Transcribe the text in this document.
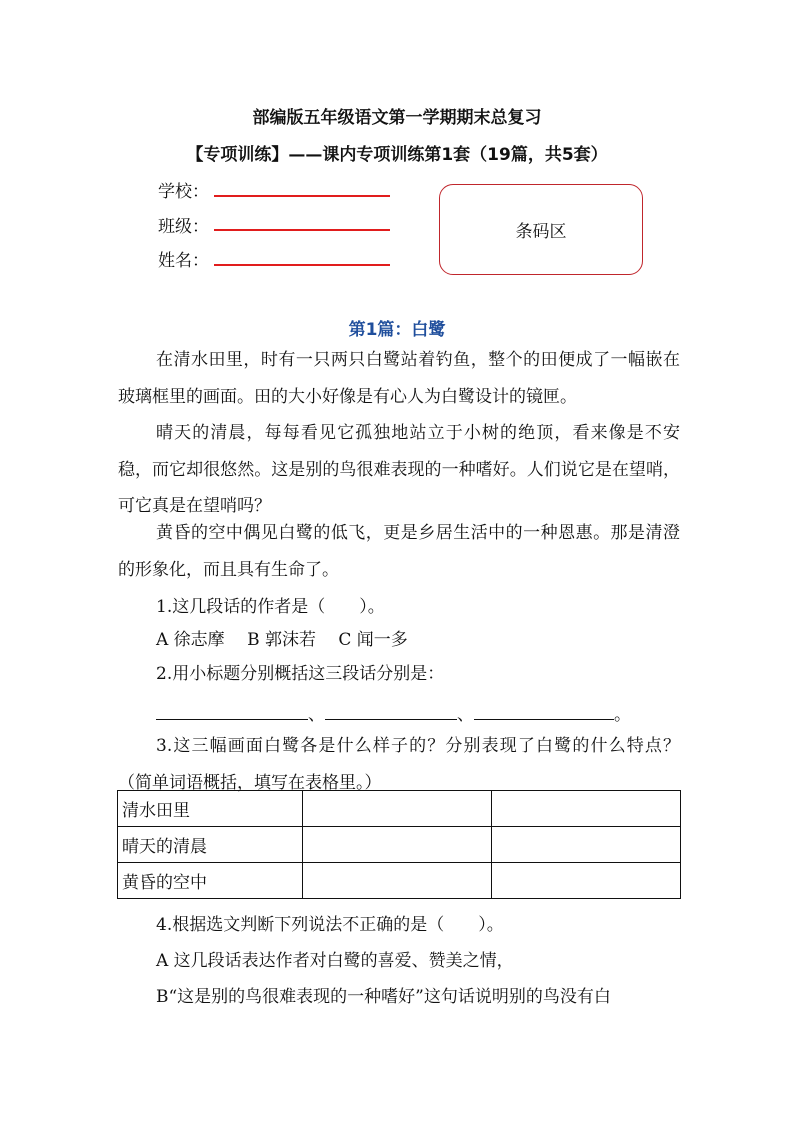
部编版五年级语文第一学期期末总复习
【专项训练】——课内专项训练第1套（19篇，共5套）
学校：
班级：
姓名：
条码区
第1篇：白鹭
在清水田里，时有一只两只白鹭站着钓鱼，整个的田便成了一幅嵌在玻璃框里的画面。田的大小好像是有心人为白鹭设计的镜匣。
晴天的清晨，每每看见它孤独地站立于小树的绝顶，看来像是不安稳，而它却很悠然。这是别的鸟很难表现的一种嗜好。人们说它是在望哨，可它真是在望哨吗？
黄昏的空中偶见白鹭的低飞，更是乡居生活中的一种恩惠。那是清澄的形象化，而且具有生命了。
1.这几段话的作者是（　　）。
A 徐志摩　 B 郭沫若　 C 闻一多
2.用小标题分别概括这三段话分别是：
、	、	。
3.这三幅画面白鹭各是什么样子的？分别表现了白鹭的什么特点？（简单词语概括，填写在表格里。）
清水田里		
晴天的清晨		
黄昏的空中		
4.根据选文判断下列说法不正确的是（　　）。
A 这几段话表达作者对白鹭的喜爱、赞美之情，
B“这是别的鸟很难表现的一种嗜好”这句话说明别的鸟没有白
